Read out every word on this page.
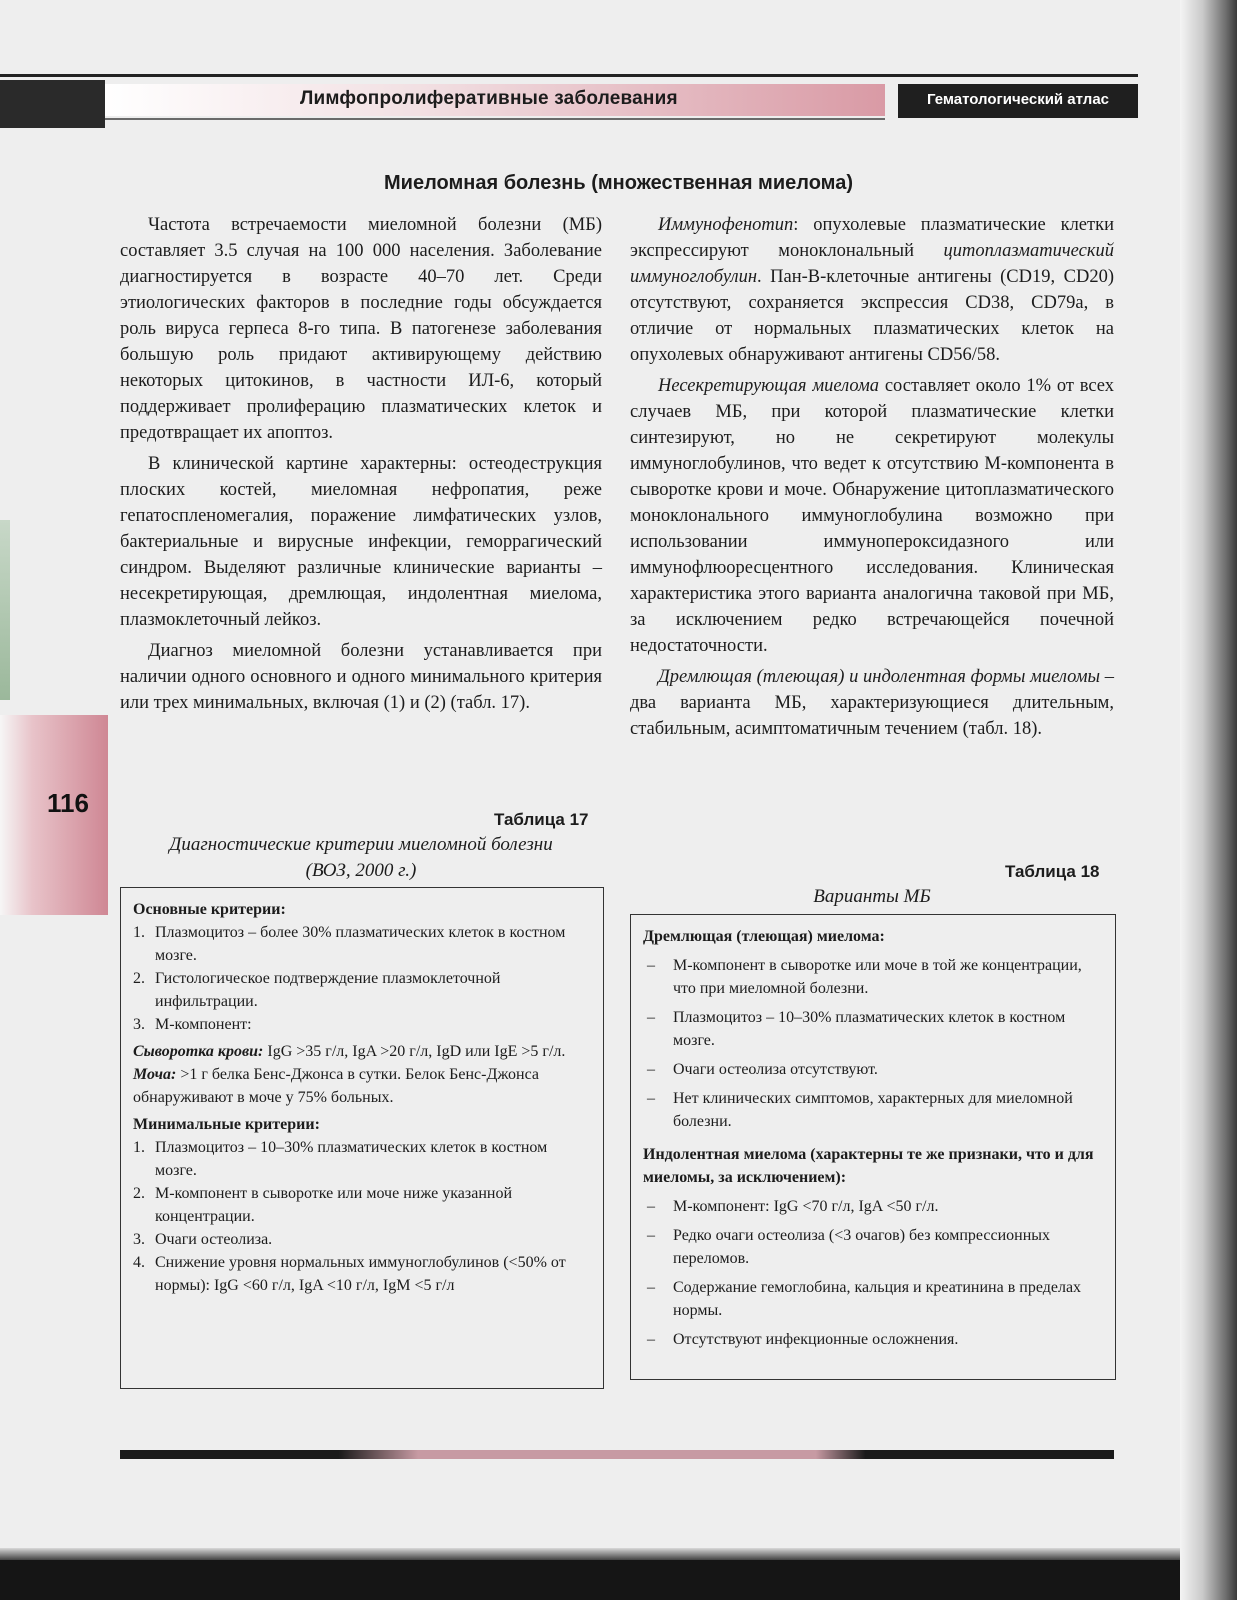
Лимфопролиферативные заболевания	Гематологический атлас
116
Миеломная болезнь (множественная миелома)

Частота встречаемости миеломной болезни (МБ) составляет 3.5 случая на 100 000 населения. Заболевание диагностируется в возрасте 40–70 лет. Среди этиологических факторов в последние годы обсуждается роль вируса герпеса 8-го типа. В патогенезе заболевания большую роль придают активирующему действию некоторых цитокинов, в частности ИЛ-6, который поддерживает пролиферацию плазматических клеток и предотвращает их апоптоз.

В клинической картине характерны: остеодеструкция плоских костей, миеломная нефропатия, реже гепатоспленомегалия, поражение лимфатических узлов, бактериальные и вирусные инфекции, геморрагический синдром. Выделяют различные клинические варианты – несекретирующая, дремлющая, индолентная миелома, плазмоклеточный лейкоз.

Диагноз миеломной болезни устанавливается при наличии одного основного и одного минимального критерия или трех минимальных, включая (1) и (2) (табл. 17).

Иммунофенотип: опухолевые плазматические клетки экспрессируют моноклональный цитоплазматический иммуноглобулин. Пан-В-клеточные антигены (CD19, CD20) отсутствуют, сохраняется экспрессия CD38, CD79a, в отличие от нормальных плазматических клеток на опухолевых обнаруживают антигены CD56/58.

Несекретирующая миелома составляет около 1% от всех случаев МБ, при которой плазматические клетки синтезируют, но не секретируют молекулы иммуноглобулинов, что ведет к отсутствию М-компонента в сыворотке крови и моче. Обнаружение цитоплазматического моноклонального иммуноглобулина возможно при использовании иммунопероксидазного или иммунофлюоресцентного исследования. Клиническая характеристика этого варианта аналогична таковой при МБ, за исключением редко встречающейся почечной недостаточности.

Дремлющая (тлеющая) и индолентная формы миеломы – два варианта МБ, характеризующиеся длительным, стабильным, асимптоматичным течением (табл. 18).

Таблица 17
Диагностические критерии миеломной болезни
(ВОЗ, 2000 г.)
Основные критерии:
1. Плазмоцитоз – более 30% плазматических клеток в костном мозге.
2. Гистологическое подтверждение плазмоклеточной инфильтрации.
3. М-компонент:
Сыворотка крови: IgG >35 г/л, IgA >20 г/л, IgD или IgE >5 г/л.
Моча: >1 г белка Бенс-Джонса в сутки. Белок Бенс-Джонса обнаруживают в моче у 75% больных.
Минимальные критерии:
1. Плазмоцитоз – 10–30% плазматических клеток в костном мозге.
2. М-компонент в сыворотке или моче ниже указанной концентрации.
3. Очаги остеолиза.
4. Снижение уровня нормальных иммуноглобулинов (<50% от нормы): IgG <60 г/л, IgA <10 г/л, IgM <5 г/л
Таблица 18
Варианты МБ
Дремлющая (тлеющая) миелома:
– М-компонент в сыворотке или моче в той же концентрации, что при миеломной болезни.
– Плазмоцитоз – 10–30% плазматических клеток в костном мозге.
– Очаги остеолиза отсутствуют.
– Нет клинических симптомов, характерных для миеломной болезни.
Индолентная миелома (характерны те же признаки, что и для миеломы, за исключением):
– М-компонент: IgG <70 г/л, IgA <50 г/л.
– Редко очаги остеолиза (<3 очагов) без компрессионных переломов.
– Содержание гемоглобина, кальция и креатинина в пределах нормы.
– Отсутствуют инфекционные осложнения.
